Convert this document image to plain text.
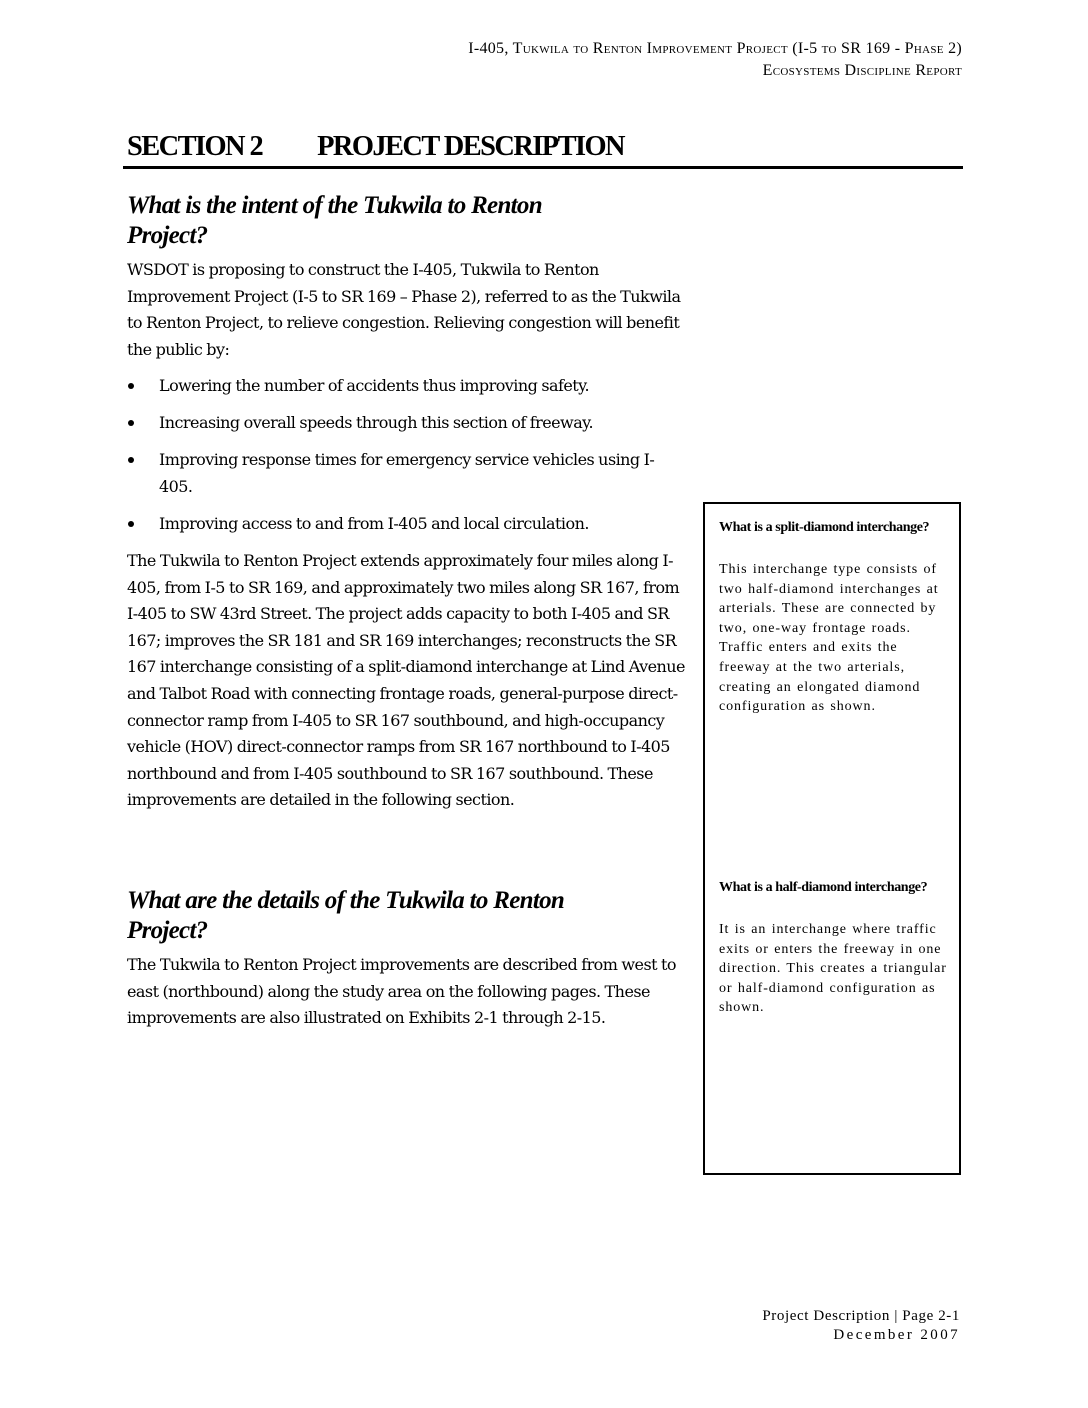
I-405, Tukwila to Renton Improvement Project (I-5 to SR 169 - Phase 2)
Ecosystems Discipline Report
SECTION 2 PROJECT DESCRIPTION
What is the intent of the Tukwila to Renton
Project?
WSDOT is proposing to construct the I-405, Tukwila to Renton Improvement Project (I-5 to SR 169 – Phase 2), referred to as the Tukwila to Renton Project, to relieve congestion. Relieving congestion will benefit the public by:
Lowering the number of accidents thus improving safety.
Increasing overall speeds through this section of freeway.
Improving response times for emergency service vehicles using I-405.
Improving access to and from I-405 and local circulation.
The Tukwila to Renton Project extends approximately four miles along I-405, from I-5 to SR 169, and approximately two miles along SR 167, from I-405 to SW 43rd Street. The project adds capacity to both I-405 and SR 167; improves the SR 181 and SR 169 interchanges; reconstructs the SR 167 interchange consisting of a split-diamond interchange at Lind Avenue and Talbot Road with connecting frontage roads, general-purpose direct-connector ramp from I-405 to SR 167 southbound, and high-occupancy vehicle (HOV) direct-connector ramps from SR 167 northbound to I-405 northbound and from I-405 southbound to SR 167 southbound. These improvements are detailed in the following section.
What are the details of the Tukwila to Renton
Project?
The Tukwila to Renton Project improvements are described from west to east (northbound) along the study area on the following pages. These improvements are also illustrated on Exhibits 2-1 through 2-15.
What is a split-diamond interchange?
This interchange type consists of two half-diamond interchanges at arterials. These are connected by two, one-way frontage roads. Traffic enters and exits the freeway at the two arterials, creating an elongated diamond configuration as shown.
What is a half-diamond interchange?
It is an interchange where traffic exits or enters the freeway in one direction. This creates a triangular or half-diamond configuration as shown.
Project Description | Page 2-1
December 2007
